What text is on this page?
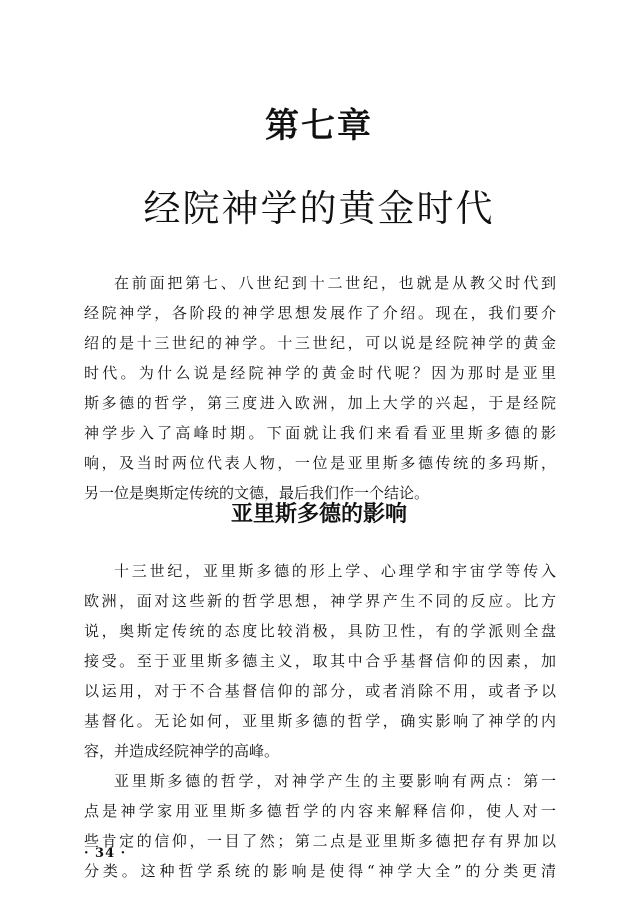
第七章
经院神学的黄金时代
在前面把第七、八世纪到十二世纪，也就是从教父时代到
经院神学，各阶段的神学思想发展作了介绍。现在，我们要介
绍的是十三世纪的神学。十三世纪，可以说是经院神学的黄金
时代。为什么说是经院神学的黄金时代呢？因为那时是亚里
斯多德的哲学，第三度进入欧洲，加上大学的兴起，于是经院
神学步入了高峰时期。下面就让我们来看看亚里斯多德的影
响，及当时两位代表人物，一位是亚里斯多德传统的多玛斯，
另一位是奥斯定传统的文德，最后我们作一个结论。
亚里斯多德的影响
十三世纪，亚里斯多德的形上学、心理学和宇宙学等传入
欧洲，面对这些新的哲学思想，神学界产生不同的反应。比方
说，奥斯定传统的态度比较消极，具防卫性，有的学派则全盘
接受。至于亚里斯多德主义，取其中合乎基督信仰的因素，加
以运用，对于不合基督信仰的部分，或者消除不用，或者予以
基督化。无论如何，亚里斯多德的哲学，确实影响了神学的内
容，并造成经院神学的高峰。
亚里斯多德的哲学，对神学产生的主要影响有两点：第一
点是神学家用亚里斯多德哲学的内容来解释信仰，使人对一
些肯定的信仰，一目了然；第二点是亚里斯多德把存有界加以
分类。这种哲学系统的影响是使得“神学大全”的分类更清
· 34 ·
